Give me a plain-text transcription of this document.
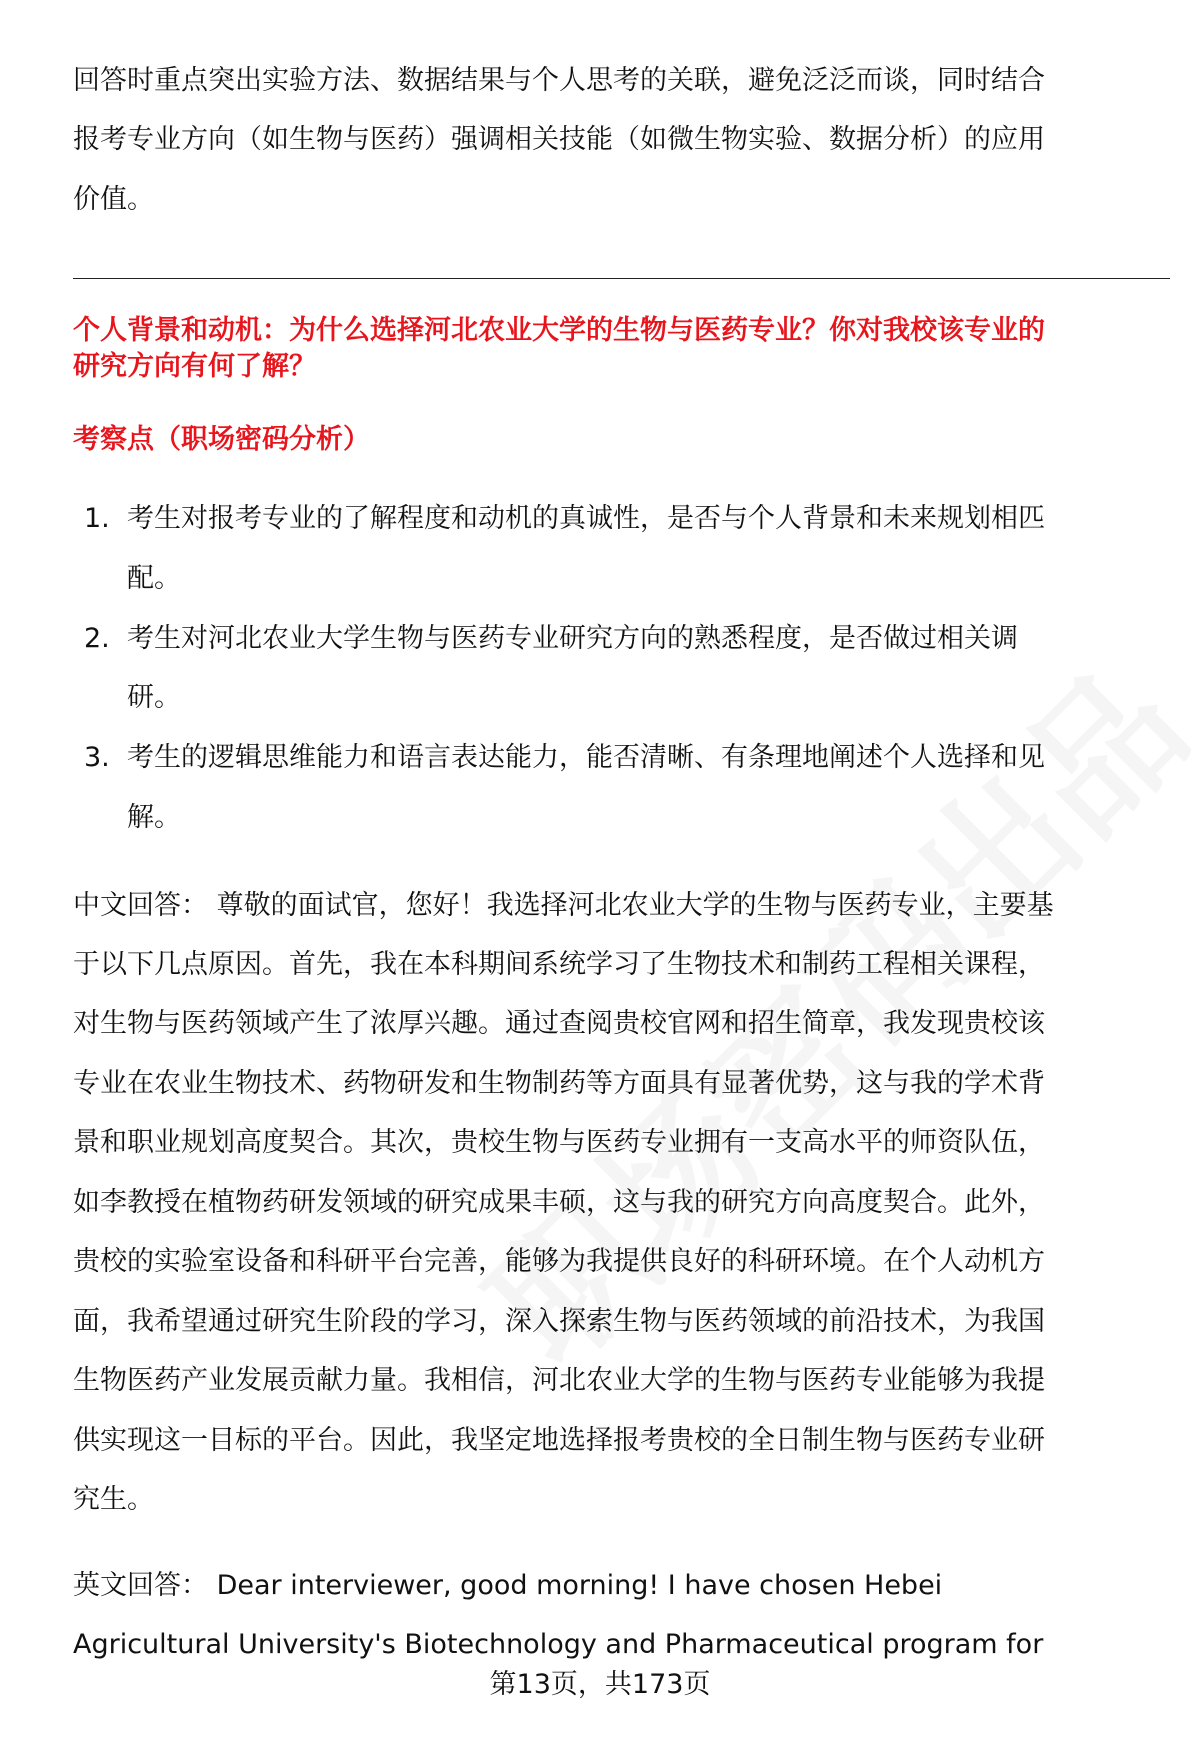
回答时重点突出实验方法、数据结果与个人思考的关联，避免泛泛而谈，同时结合
报考专业方向（如生物与医药）强调相关技能（如微生物实验、数据分析）的应用
价值。
个人背景和动机：为什么选择河北农业大学的生物与医药专业？你对我校该专业的
研究方向有何了解？
考察点（职场密码分析）
1. 考生对报考专业的了解程度和动机的真诚性，是否与个人背景和未来规划相匹
配。
2. 考生对河北农业大学生物与医药专业研究方向的熟悉程度，是否做过相关调
研。
3. 考生的逻辑思维能力和语言表达能力，能否清晰、有条理地阐述个人选择和见
解。
中文回答： 尊敬的面试官，您好！我选择河北农业大学的生物与医药专业，主要基
于以下几点原因。首先，我在本科期间系统学习了生物技术和制药工程相关课程，
对生物与医药领域产生了浓厚兴趣。通过查阅贵校官网和招生简章，我发现贵校该
专业在农业生物技术、药物研发和生物制药等方面具有显著优势，这与我的学术背
景和职业规划高度契合。其次，贵校生物与医药专业拥有一支高水平的师资队伍，
如李教授在植物药研发领域的研究成果丰硕，这与我的研究方向高度契合。此外，
贵校的实验室设备和科研平台完善，能够为我提供良好的科研环境。在个人动机方
面，我希望通过研究生阶段的学习，深入探索生物与医药领域的前沿技术，为我国
生物医药产业发展贡献力量。我相信，河北农业大学的生物与医药专业能够为我提
供实现这一目标的平台。因此，我坚定地选择报考贵校的全日制生物与医药专业研
究生。
英文回答： Dear interviewer, good morning! I have chosen Hebei
Agricultural University's Biotechnology and Pharmaceutical program for
第13页，共173页
